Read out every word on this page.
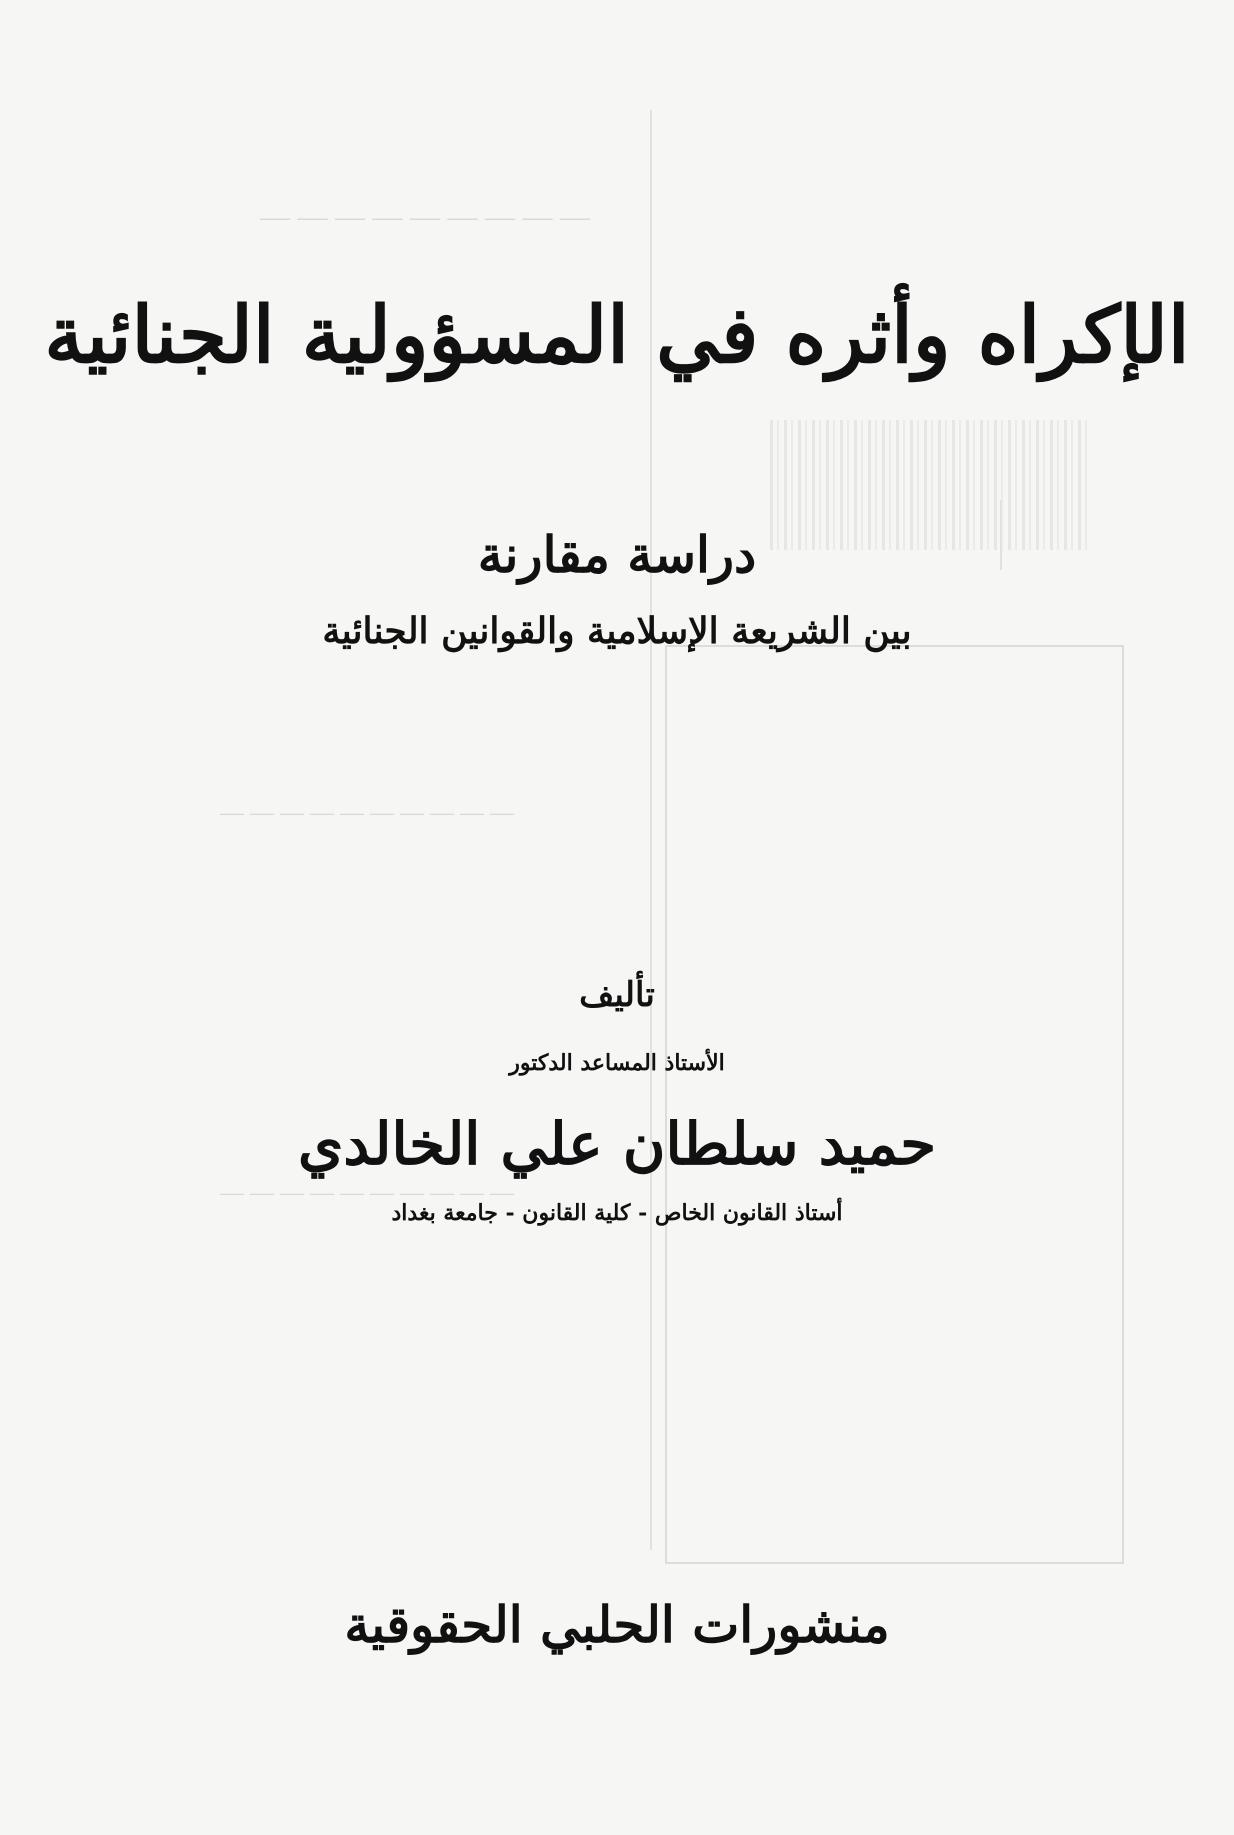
— — — — — — — — —
— — — — — — — — — —
— — — — — — — — — —
الإكراه وأثره في المسؤولية الجنائية
دراسة مقارنة
بين الشريعة الإسلامية والقوانين الجنائية
تأليف
الأستاذ المساعد الدكتور
حميد سلطان علي الخالدي
أستاذ القانون الخاص - كلية القانون - جامعة بغداد
منشورات الحلبي الحقوقية
